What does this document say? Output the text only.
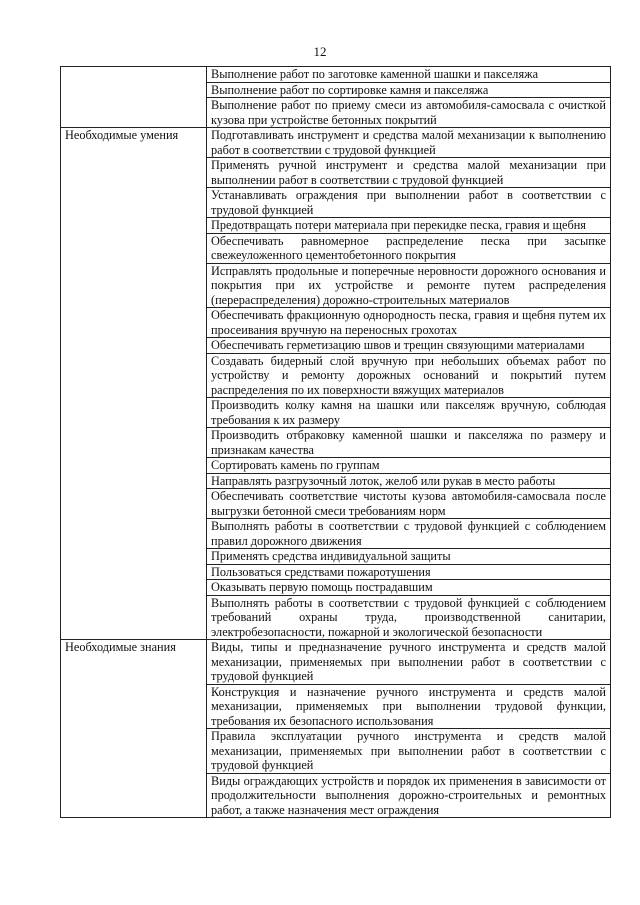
12
	Выполнение работ по заготовке каменной шашки и пакселяжа
	Выполнение работ по сортировке камня и пакселяжа
	Выполнение работ по приему смеси из автомобиля-самосвала с очисткой кузова при устройстве бетонных покрытий
Необходимые умения	Подготавливать инструмент и средства малой механизации к выполнению работ в соответствии с трудовой функцией
	Применять ручной инструмент и средства малой механизации при выполнении работ в соответствии с трудовой функцией
	Устанавливать ограждения при выполнении работ в соответствии с трудовой функцией
	Предотвращать потери материала при перекидке песка, гравия и щебня
	Обеспечивать равномерное распределение песка при засыпке свежеуложенного цементобетонного покрытия
	Исправлять продольные и поперечные неровности дорожного основания и покрытия при их устройстве и ремонте путем распределения (перераспределения) дорожно-строительных материалов
	Обеспечивать фракционную однородность песка, гравия и щебня путем их просеивания вручную на переносных грохотах
	Обеспечивать герметизацию швов и трещин связующими материалами
	Создавать бидерный слой вручную при небольших объемах работ по устройству и ремонту дорожных оснований и покрытий путем распределения по их поверхности вяжущих материалов
	Производить колку камня на шашки или пакселяж вручную, соблюдая требования к их размеру
	Производить отбраковку каменной шашки и пакселяжа по размеру и признакам качества
	Сортировать камень по группам
	Направлять разгрузочный лоток, желоб или рукав в место работы
	Обеспечивать соответствие чистоты кузова автомобиля-самосвала после выгрузки бетонной смеси требованиям норм
	Выполнять работы в соответствии с трудовой функцией с соблюдением правил дорожного движения
	Применять средства индивидуальной защиты
	Пользоваться средствами пожаротушения
	Оказывать первую помощь пострадавшим
	Выполнять работы в соответствии с трудовой функцией с соблюдением требований охраны труда, производственной санитарии, электробезопасности, пожарной и экологической безопасности
Необходимые знания	Виды, типы и предназначение ручного инструмента и средств малой механизации, применяемых при выполнении работ в соответствии с трудовой функцией
	Конструкция и назначение ручного инструмента и средств малой механизации, применяемых при выполнении трудовой функции, требования их безопасного использования
	Правила эксплуатации ручного инструмента и средств малой механизации, применяемых при выполнении работ в соответствии с трудовой функцией
	Виды ограждающих устройств и порядок их применения в зависимости от продолжительности выполнения дорожно-строительных и ремонтных работ, а также назначения мест ограждения
